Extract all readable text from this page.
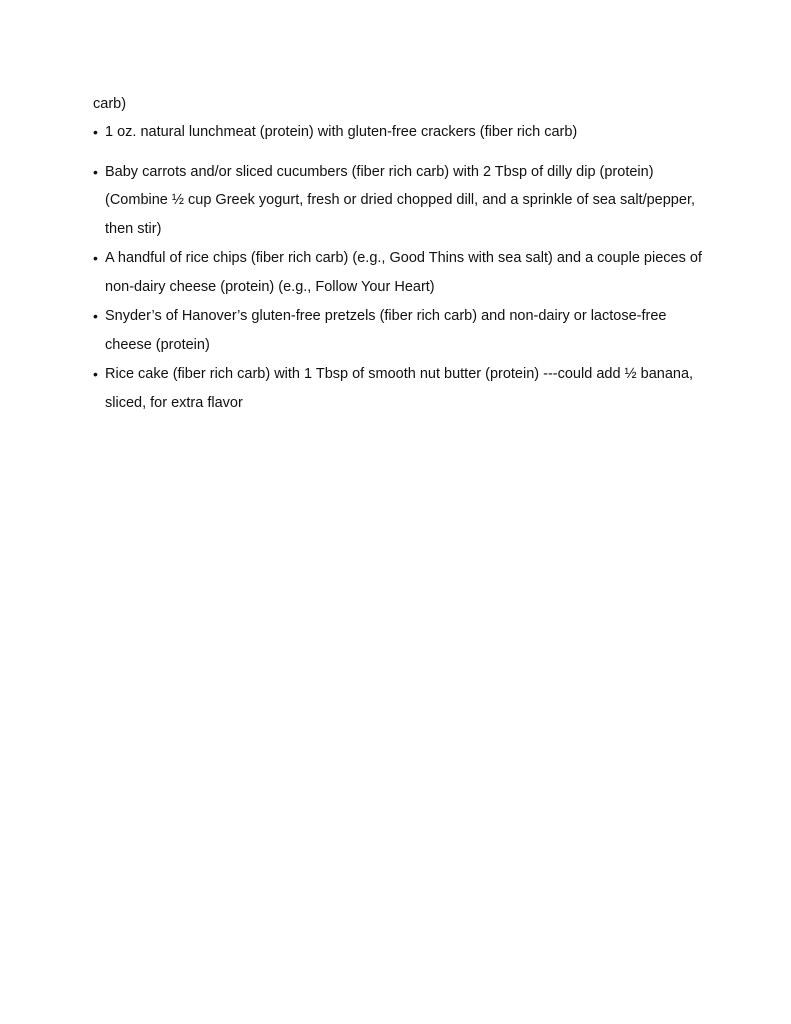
carb)

• 1 oz. natural lunchmeat (protein) with gluten-free crackers (fiber rich carb)
• Baby carrots and/or sliced cucumbers (fiber rich carb) with 2 Tbsp of dilly dip (protein) (Combine ½ cup Greek yogurt, fresh or dried chopped dill, and a sprinkle of sea salt/pepper, then stir)
• A handful of rice chips (fiber rich carb) (e.g., Good Thins with sea salt) and a couple pieces of non-dairy cheese (protein) (e.g., Follow Your Heart)
• Snyder’s of Hanover’s gluten-free pretzels (fiber rich carb) and non-dairy or lactose-free cheese (protein)
• Rice cake (fiber rich carb) with 1 Tbsp of smooth nut butter (protein) ---could add ½ banana, sliced, for extra flavor
